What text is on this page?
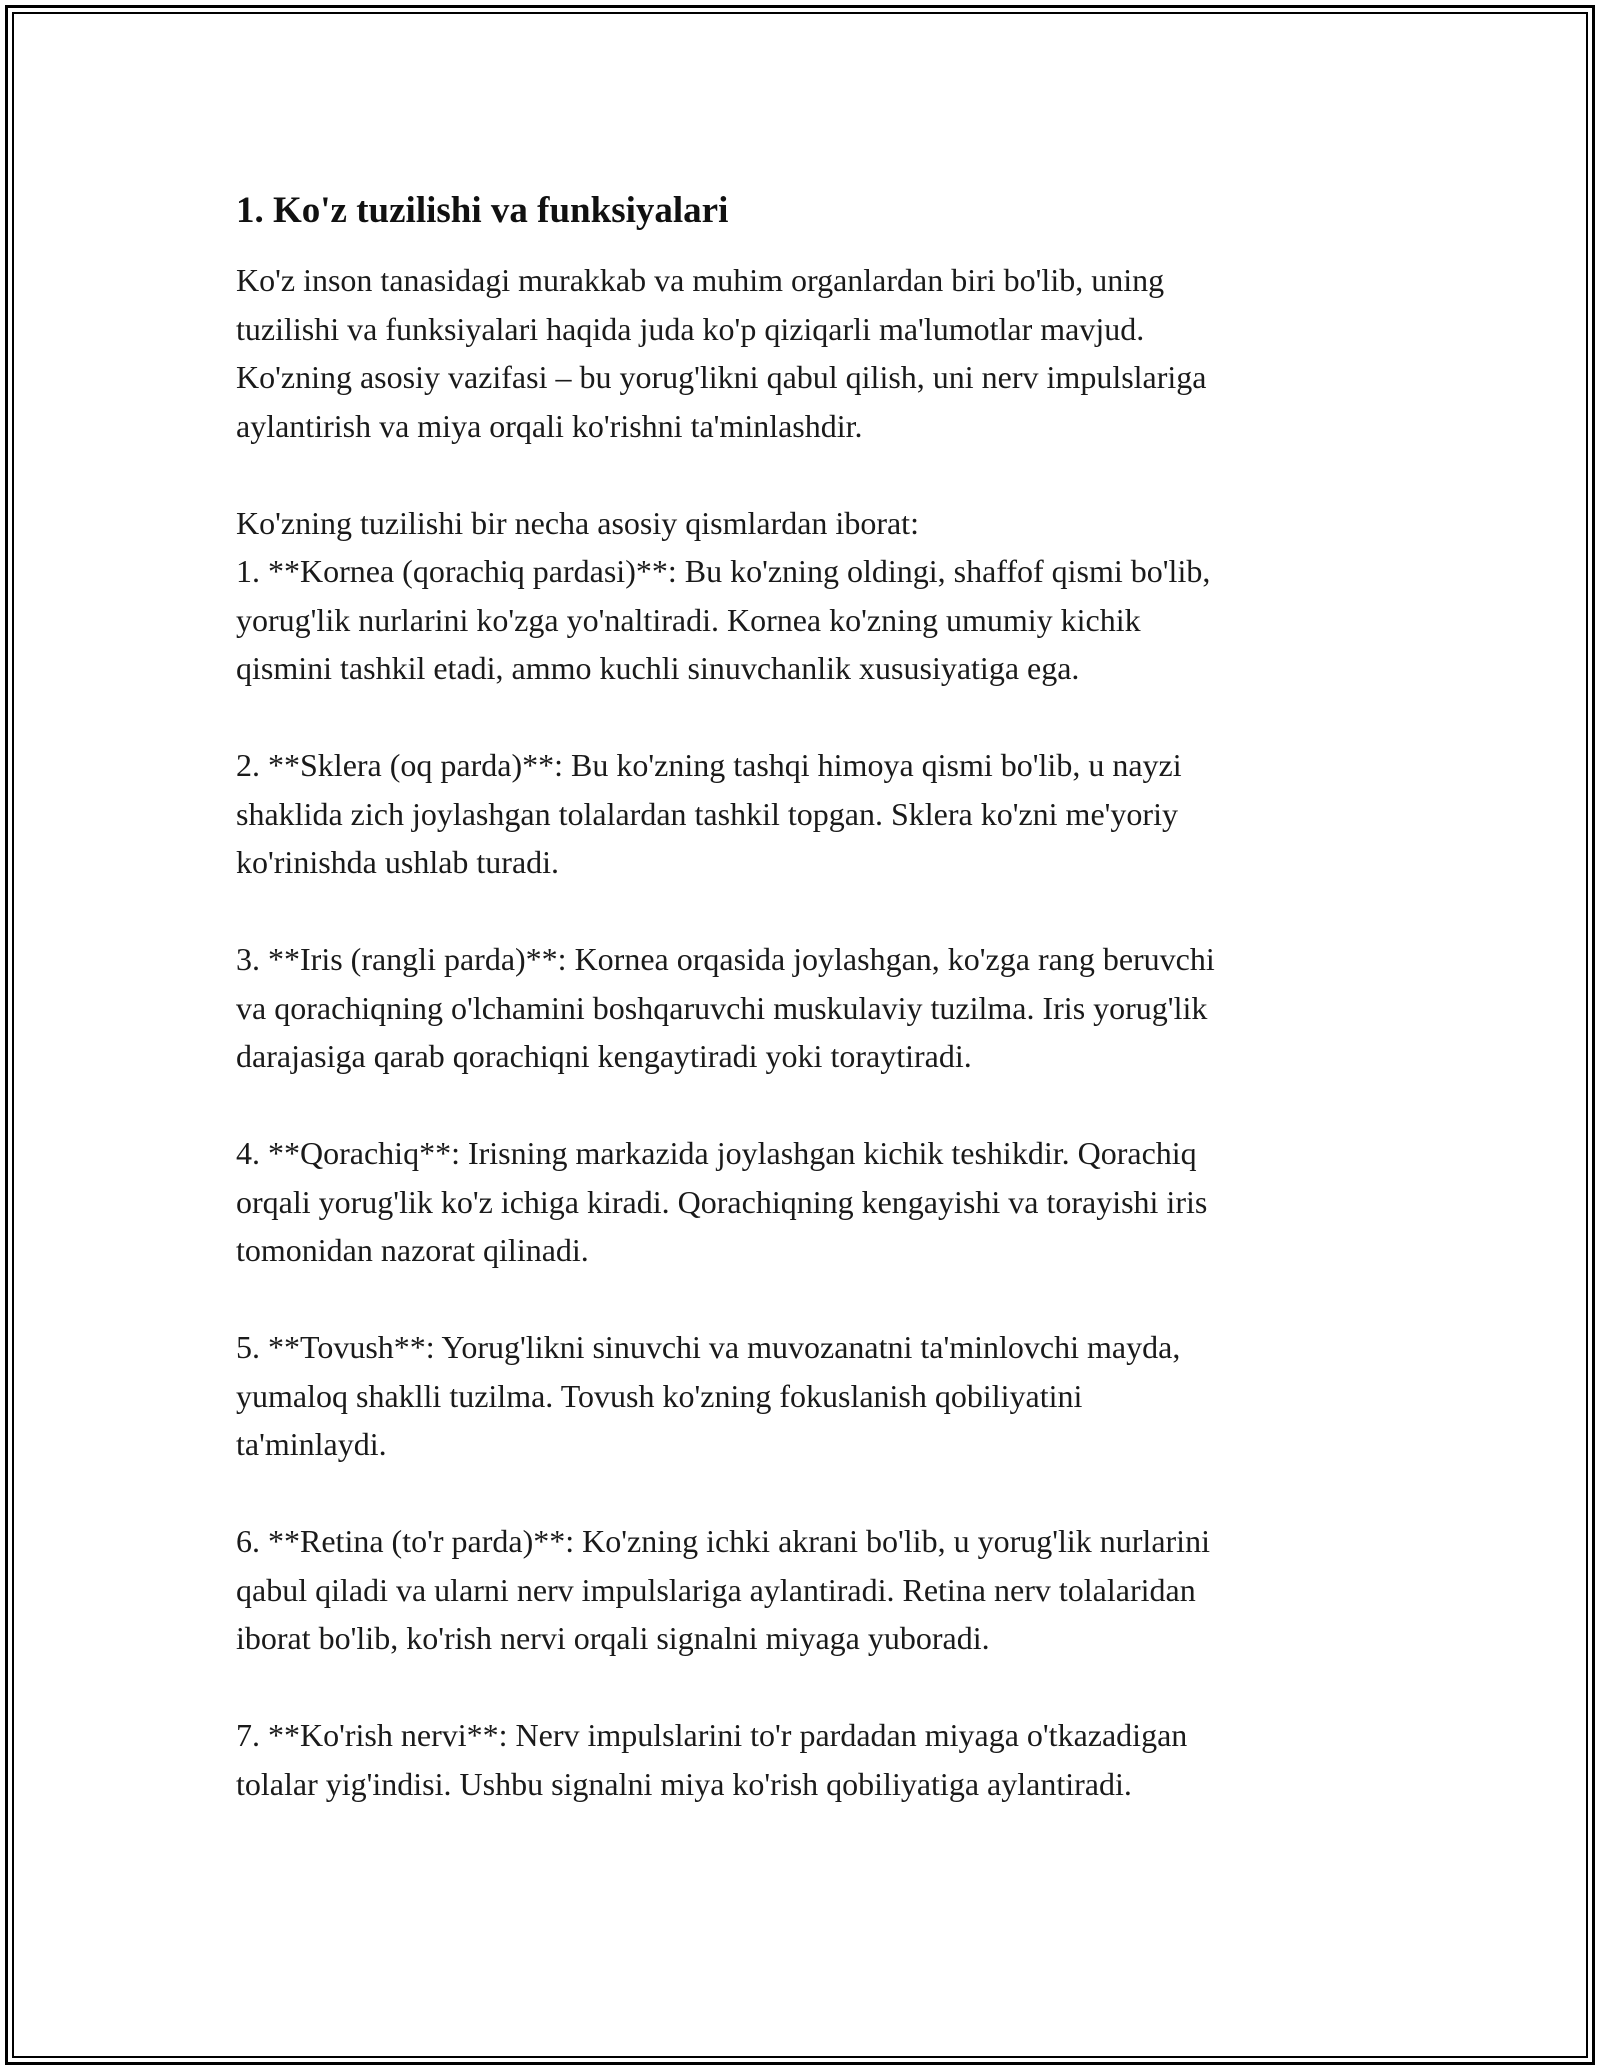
1. Ko'z tuzilishi va funksiyalari

Ko'z inson tanasidagi murakkab va muhim organlardan biri bo'lib, uning
tuzilishi va funksiyalari haqida juda ko'p qiziqarli ma'lumotlar mavjud.
Ko'zning asosiy vazifasi – bu yorug'likni qabul qilish, uni nerv impulslariga
aylantirish va miya orqali ko'rishni ta'minlashdir.

Ko'zning tuzilishi bir necha asosiy qismlardan iborat:

1. **Kornea (qorachiq pardasi)**: Bu ko'zning oldingi, shaffof qismi bo'lib,
yorug'lik nurlarini ko'zga yo'naltiradi. Kornea ko'zning umumiy kichik
qismini tashkil etadi, ammo kuchli sinuvchanlik xususiyatiga ega.

2. **Sklera (oq parda)**: Bu ko'zning tashqi himoya qismi bo'lib, u nayzi
shaklida zich joylashgan tolalardan tashkil topgan. Sklera ko'zni me'yoriy
ko'rinishda ushlab turadi.

3. **Iris (rangli parda)**: Kornea orqasida joylashgan, ko'zga rang beruvchi
va qorachiqning o'lchamini boshqaruvchi muskulaviy tuzilma. Iris yorug'lik
darajasiga qarab qorachiqni kengaytiradi yoki toraytiradi.

4. **Qorachiq**: Irisning markazida joylashgan kichik teshikdir. Qorachiq
orqali yorug'lik ko'z ichiga kiradi. Qorachiqning kengayishi va torayishi iris
tomonidan nazorat qilinadi.

5. **Tovush**: Yorug'likni sinuvchi va muvozanatni ta'minlovchi mayda,
yumaloq shaklli tuzilma. Tovush ko'zning fokuslanish qobiliyatini
ta'minlaydi.

6. **Retina (to'r parda)**: Ko'zning ichki akrani bo'lib, u yorug'lik nurlarini
qabul qiladi va ularni nerv impulslariga aylantiradi. Retina nerv tolalaridan
iborat bo'lib, ko'rish nervi orqali signalni miyaga yuboradi.

7. **Ko'rish nervi**: Nerv impulslarini to'r pardadan miyaga o'tkazadigan
tolalar yig'indisi. Ushbu signalni miya ko'rish qobiliyatiga aylantiradi.
